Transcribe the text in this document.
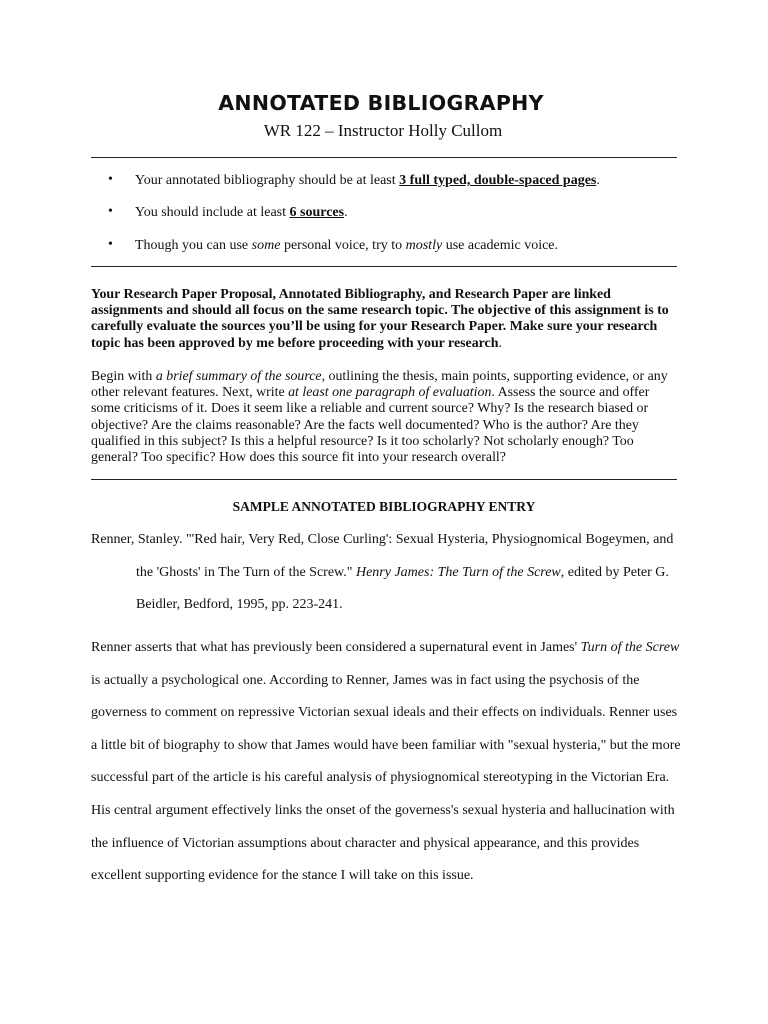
ANNOTATED BIBLIOGRAPHY

WR 122 – Instructor Holly Cullom

• Your annotated bibliography should be at least 3 full typed, double-spaced pages.
• You should include at least 6 sources.
• Though you can use some personal voice, try to mostly use academic voice.

Your Research Paper Proposal, Annotated Bibliography, and Research Paper are linked assignments and should all focus on the same research topic. The objective of this assignment is to carefully evaluate the sources you’ll be using for your Research Paper. Make sure your research topic has been approved by me before proceeding with your research.

Begin with a brief summary of the source, outlining the thesis, main points, supporting evidence, or any other relevant features. Next, write at least one paragraph of evaluation. Assess the source and offer some criticisms of it. Does it seem like a reliable and current source? Why? Is the research biased or objective? Are the claims reasonable? Are the facts well documented? Who is the author? Are they qualified in this subject? Is this a helpful resource? Is it too scholarly? Not scholarly enough? Too general? Too specific? How does this source fit into your research overall?

SAMPLE ANNOTATED BIBLIOGRAPHY ENTRY

Renner, Stanley. "'Red hair, Very Red, Close Curling': Sexual Hysteria, Physiognomical Bogeymen, and the 'Ghosts' in The Turn of the Screw." Henry James: The Turn of the Screw, edited by Peter G. Beidler, Bedford, 1995, pp. 223-241.

Renner asserts that what has previously been considered a supernatural event in James' Turn of the Screw is actually a psychological one. According to Renner, James was in fact using the psychosis of the governess to comment on repressive Victorian sexual ideals and their effects on individuals. Renner uses a little bit of biography to show that James would have been familiar with "sexual hysteria," but the more successful part of the article is his careful analysis of physiognomical stereotyping in the Victorian Era. His central argument effectively links the onset of the governess's sexual hysteria and hallucination with the influence of Victorian assumptions about character and physical appearance, and this provides excellent supporting evidence for the stance I will take on this issue.
